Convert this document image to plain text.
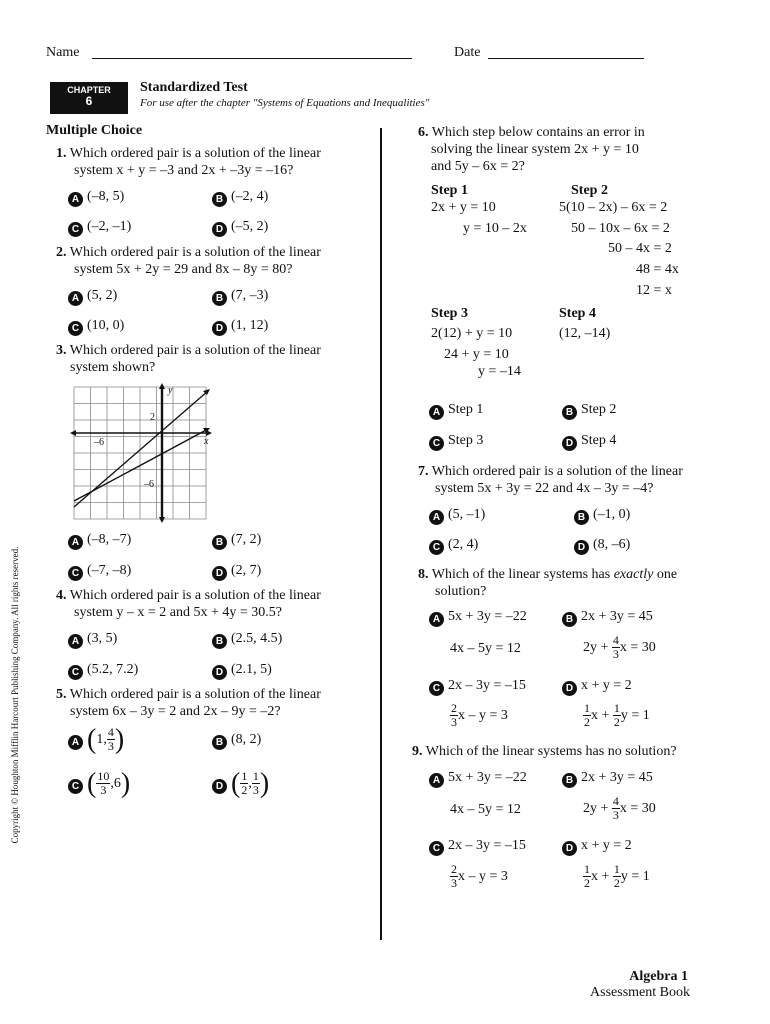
Name	Date
CHAPTER
6
Standardized Test
For use after the chapter "Systems of Equations and Inequalities"
Multiple Choice
Copyright © Houghton Mifflin Harcourt Publishing Company. All rights reserved.
1. Which ordered pair is a solution of the linear
system x + y = –3 and 2x + –3y = –16?
A (–8, 5)	B (–2, 4)
C (–2, –1)	D (–5, 2)
2. Which ordered pair is a solution of the linear
system 5x + 2y = 29 and 8x – 8y = 80?
A (5, 2)	B (7, –3)
C (10, 0)	D (1, 12)
3. Which ordered pair is a solution of the linear
system shown?
y
x
2
–6
–6
A (–8, –7)	B (7, 2)
C (–7, –8)	D (2, 7)
4. Which ordered pair is a solution of the linear
system y – x = 2 and 5x + 4y = 30.5?
A (3, 5)	B (2.5, 4.5)
C (5.2, 7.2)	D (2.1, 5)
5. Which ordered pair is a solution of the linear
system 6x – 3y = 2 and 2x – 9y = –2?
A (1, $\frac{4}{3}$ )	B (8, 2)
C ( $\frac{10}{3} ,6$)	D ( $\frac{1}{2}$ , $\frac{1}{3}$ )
6. Which step below contains an error in
solving the linear system 2x + y = 10
and 5y – 6x = 2?
Step 1
2x + y = 10
y = 10 – 2x
Step 2
5(10 – 2x) – 6x = 2
50 – 10x – 6x = 2
50 – 4x = 2
48 = 4x
12 = x
Step 3
2(12) + y = 10
24 + y = 10
y = –14
Step 4
(12, –14)
A Step 1	B Step 2
C Step 3	D Step 4
7. Which ordered pair is a solution of the linear
system 5x + 3y = 22 and 4x – 3y = –4?
A (5, –1)	B (–1, 0)
C (2, 4)	D (8, –6)
8. Which of the linear systems has exactly one
solution?
A 5x + 3y = –22
4x – 5y = 12
B 2x + 3y = 45
$2y + \frac{4}{3}$ x = 30
C 2x – 3y = –15
$\frac{2}{3}$ x – y = 3
D x + y = 2
$\frac{1}{2}$ $x + \frac{1}{2}$ y = 1
9. Which of the linear systems has no solution?
A 5x + 3y = –22
4x – 5y = 12
B 2x + 3y = 45
$2y + \frac{4}{3}$ x = 30
C 2x – 3y = –15
$\frac{2}{3}$ x – y = 3
D x + y = 2
$\frac{1}{2}$ $x + \frac{1}{2}$ y = 1
Algebra 1
Assessment Book
